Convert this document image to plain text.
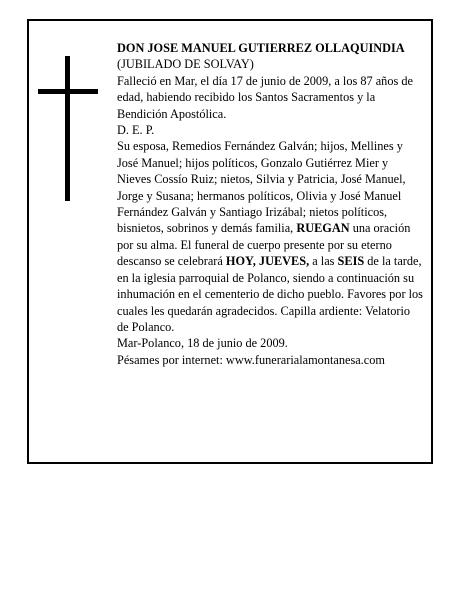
DON JOSE MANUEL GUTIERREZ OLLAQUINDIA

(JUBILADO DE SOLVAY)

Falleció en Mar, el día 17 de junio de 2009, a los 87 años de edad, habiendo recibido los Santos Sacramentos y la Bendición Apostólica.

D. E. P.

Su esposa, Remedios Fernández Galván; hijos, Mellines y José Manuel; hijos políticos, Gonzalo Gutiérrez Mier y Nieves Cossío Ruiz; nietos, Silvia y Patricia, José Manuel, Jorge y Susana; hermanos políticos, Olivia y José Manuel Fernández Galván y Santiago Irizábal; nietos políticos, bisnietos, sobrinos y demás familia, RUEGAN una oración por su alma. El funeral de cuerpo presente por su eterno descanso se celebrará HOY, JUEVES, a las SEIS de la tarde, en la iglesia parroquial de Polanco, siendo a continuación su inhumación en el cementerio de dicho pueblo. Favores por los cuales les quedarán agradecidos. Capilla ardiente: Velatorio de Polanco.

Mar-Polanco, 18 de junio de 2009.

Pésames por internet: www.funerarialamontanesa.com
